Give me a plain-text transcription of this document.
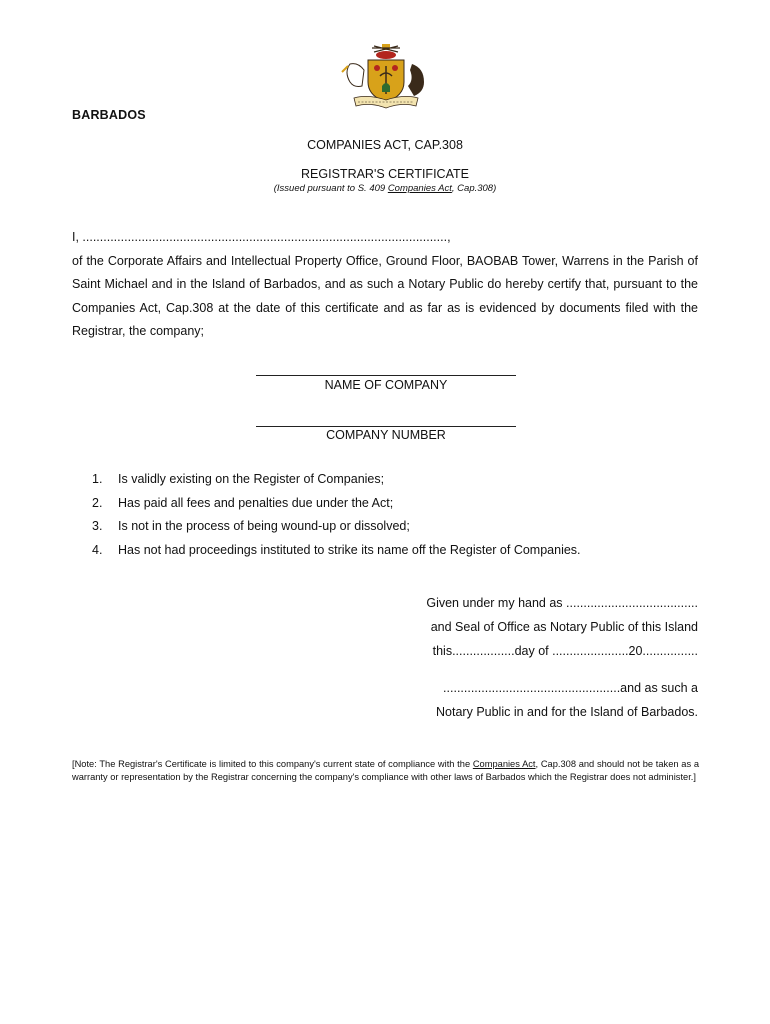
BARBADOS
COMPANIES ACT, CAP.308
REGISTRAR'S CERTIFICATE
(Issued pursuant to S. 409 Companies Act, Cap.308)

I, .........................................................................................................,

of the Corporate Affairs and Intellectual Property Office, Ground Floor, BAOBAB Tower, Warrens in the Parish of Saint Michael and in the Island of Barbados, and as such a Notary Public do hereby certify that, pursuant to the Companies Act, Cap.308 at the date of this certificate and as far as is evidenced by documents filed with the Registrar, the company;

NAME OF COMPANY
COMPANY NUMBER
1.	Is validly existing on the Register of Companies;
2.	Has paid all fees and penalties due under the Act;
3.	Is not in the process of being wound-up or dissolved;
4.	Has not had proceedings instituted to strike its name off the Register of Companies.
Given under my hand as ......................................
and Seal of Office as Notary Public of this Island
this..................day of ......................20................
...................................................and as such a
Notary Public in and for the Island of Barbados.
[Note: The Registrar's Certificate is limited to this company's current state of compliance with the Companies Act, Cap.308 and should not be taken as a warranty or representation by the Registrar concerning the company's compliance with other laws of Barbados which the Registrar does not administer.]
